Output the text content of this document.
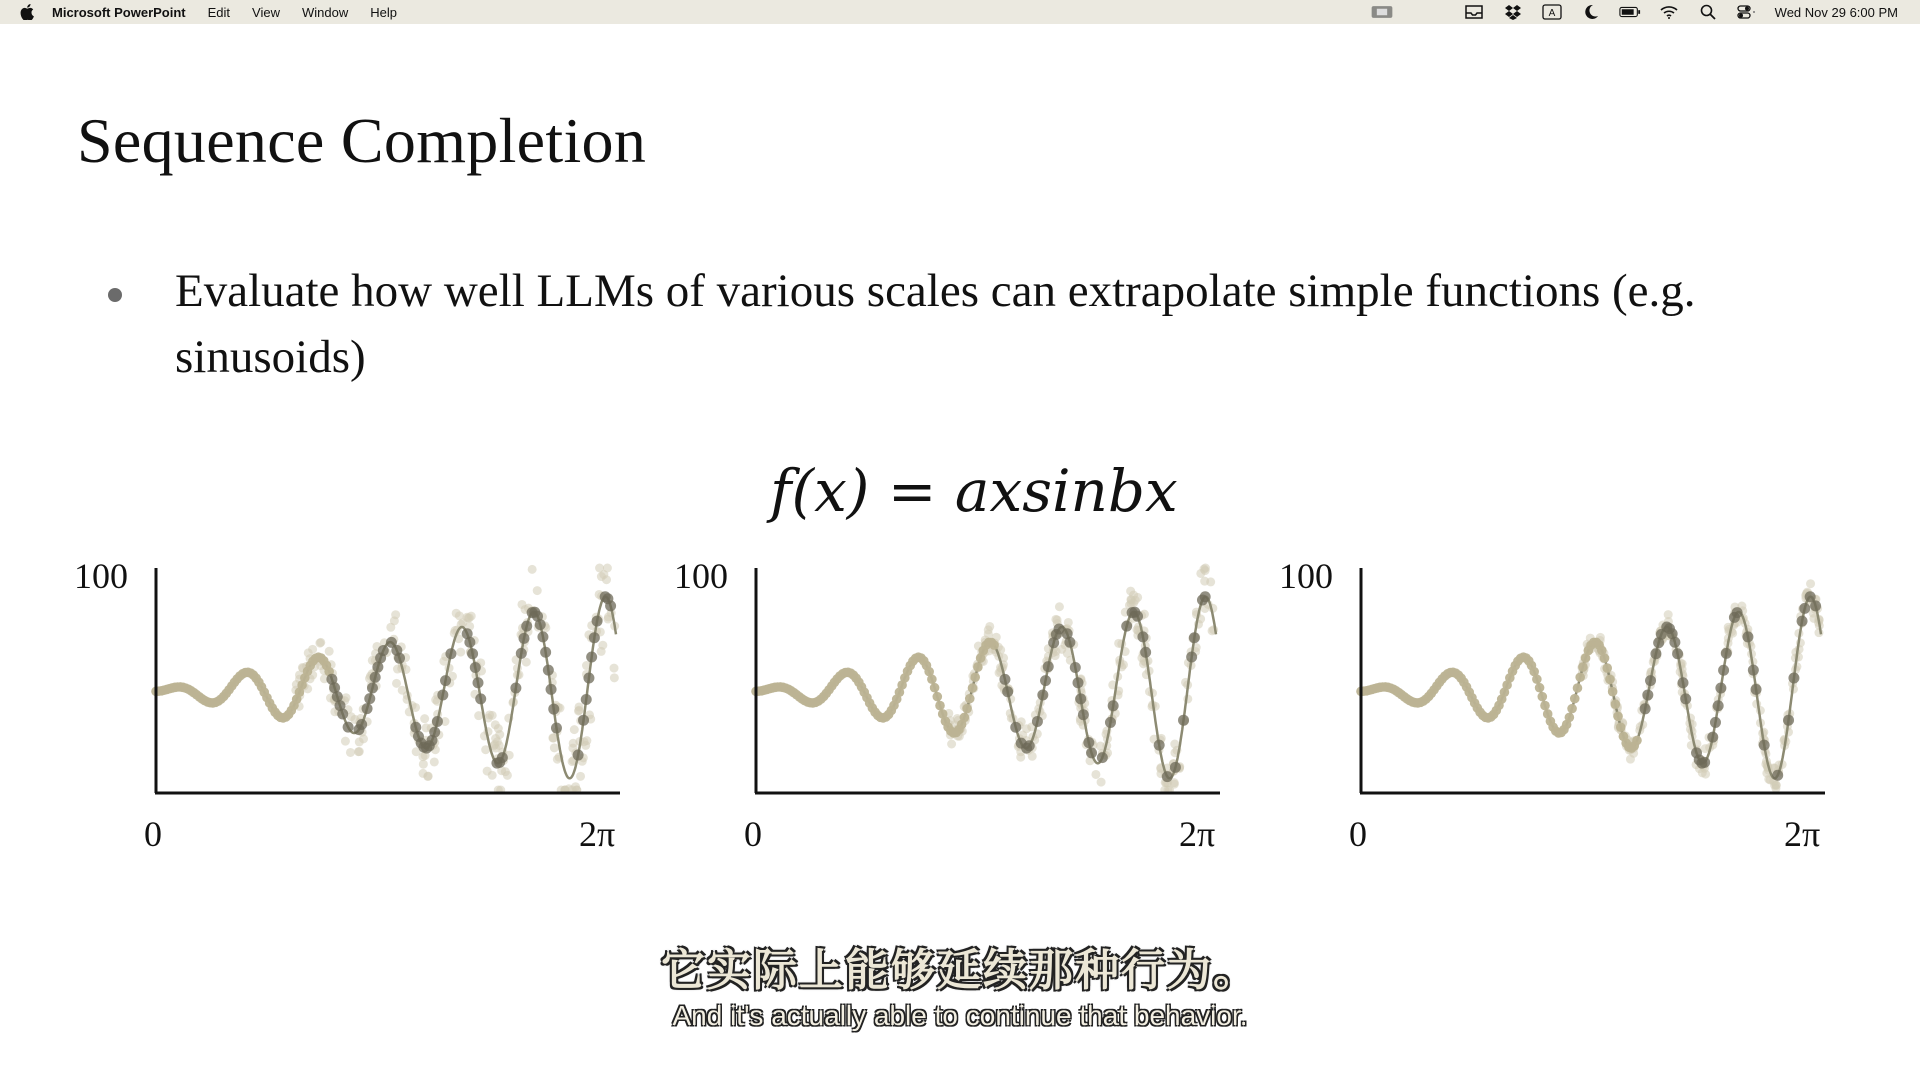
Microsoft PowerPoint Edit View Window Help	A	Wed Nov 29 6:00 PM
Sequence Completion
Evaluate how well LLMs of various scales can extrapolate simple functions (e.g. sinusoids)
f(x) = axsinbx
100
0	2π
100
0	2π
100
0	2π
它实际上能够延续那种行为。
And it's actually able to continue that behavior.
